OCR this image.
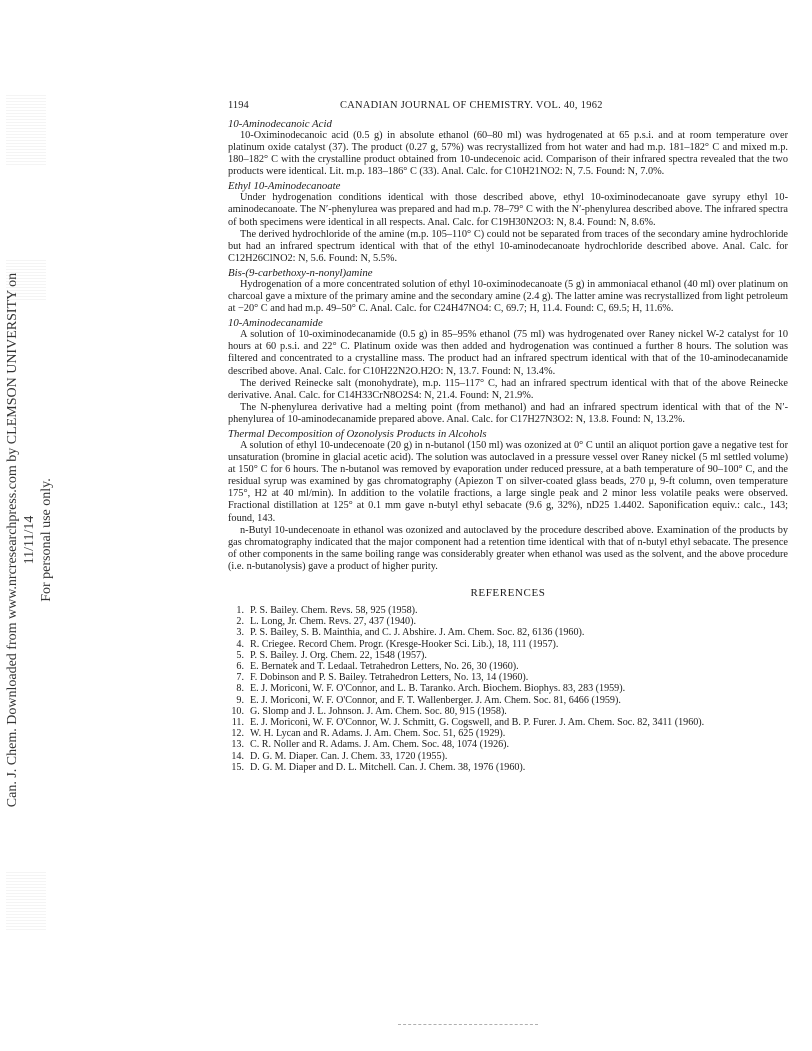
Can. J. Chem. Downloaded from www.nrcresearchpress.com by CLEMSON UNIVERSITY on 11/11/14 For personal use only.
1194	CANADIAN JOURNAL OF CHEMISTRY. VOL. 40, 1962
10-Aminodecanoic Acid

10-Oximinodecanoic acid (0.5 g) in absolute ethanol (60–80 ml) was hydrogenated at 65 p.s.i. and at room temperature over platinum oxide catalyst (37). The product (0.27 g, 57%) was recrystallized from hot water and had m.p. 181–182° C and mixed m.p. 180–182° C with the crystalline product obtained from 10-undecenoic acid. Comparison of their infrared spectra revealed that the two products were identical. Lit. m.p. 183–186° C (33). Anal. Calc. for C10H21NO2: N, 7.5. Found: N, 7.0%.

Ethyl 10-Aminodecanoate

Under hydrogenation conditions identical with those described above, ethyl 10-oximinodecanoate gave syrupy ethyl 10-aminodecanoate. The N′-phenylurea was prepared and had m.p. 78–79° C with the N′-phenylurea described above. The infrared spectra of both specimens were identical in all respects. Anal. Calc. for C19H30N2O3: N, 8.4. Found: N, 8.6%.

The derived hydrochloride of the amine (m.p. 105–110° C) could not be separated from traces of the secondary amine hydrochloride but had an infrared spectrum identical with that of the ethyl 10-aminodecanoate hydrochloride described above. Anal. Calc. for C12H26ClNO2: N, 5.6. Found: N, 5.5%.

Bis-(9-carbethoxy-n-nonyl)amine

Hydrogenation of a more concentrated solution of ethyl 10-oximinodecanoate (5 g) in ammoniacal ethanol (40 ml) over platinum on charcoal gave a mixture of the primary amine and the secondary amine (2.4 g). The latter amine was recrystallized from light petroleum at −20° C and had m.p. 49–50° C. Anal. Calc. for C24H47NO4: C, 69.7; H, 11.4. Found: C, 69.5; H, 11.6%.

10-Aminodecanamide

A solution of 10-oximinodecanamide (0.5 g) in 85–95% ethanol (75 ml) was hydrogenated over Raney nickel W-2 catalyst for 10 hours at 60 p.s.i. and 22° C. Platinum oxide was then added and hydrogenation was continued a further 8 hours. The solution was filtered and concentrated to a crystalline mass. The product had an infrared spectrum identical with that of the 10-aminodecanamide described above. Anal. Calc. for C10H22N2O.H2O: N, 13.7. Found: N, 13.4%.

The derived Reinecke salt (monohydrate), m.p. 115–117° C, had an infrared spectrum identical with that of the above Reinecke derivative. Anal. Calc. for C14H33CrN8O2S4: N, 21.4. Found: N, 21.9%.

The N-phenylurea derivative had a melting point (from methanol) and had an infrared spectrum identical with that of the N′-phenylurea of 10-aminodecanamide prepared above. Anal. Calc. for C17H27N3O2: N, 13.8. Found: N, 13.2%.

Thermal Decomposition of Ozonolysis Products in Alcohols

A solution of ethyl 10-undecenoate (20 g) in n-butanol (150 ml) was ozonized at 0° C until an aliquot portion gave a negative test for unsaturation (bromine in glacial acetic acid). The solution was autoclaved in a pressure vessel over Raney nickel (5 ml settled volume) at 150° C for 6 hours. The n-butanol was removed by evaporation under reduced pressure, at a bath temperature of 90–100° C, and the residual syrup was examined by gas chromatography (Apiezon T on silver-coated glass beads, 270 μ, 9-ft column, oven temperature 175°, H2 at 40 ml/min). In addition to the volatile fractions, a large single peak and 2 minor less volatile peaks were observed. Fractional distillation at 125° at 0.1 mm gave n-butyl ethyl sebacate (9.6 g, 32%), nD25 1.4402. Saponification equiv.: calc., 143; found, 143.

n-Butyl 10-undecenoate in ethanol was ozonized and autoclaved by the procedure described above. Examination of the products by gas chromatography indicated that the major component had a retention time identical with that of n-butyl ethyl sebacate. The presence of other components in the same boiling range was considerably greater when ethanol was used as the solvent, and the above procedure (i.e. n-butanolysis) gave a product of higher purity.

REFERENCES
1. P. S. Bailey. Chem. Revs. 58, 925 (1958).
2. L. Long, Jr. Chem. Revs. 27, 437 (1940).
3. P. S. Bailey, S. B. Mainthia, and C. J. Abshire. J. Am. Chem. Soc. 82, 6136 (1960).
4. R. Criegee. Record Chem. Progr. (Kresge-Hooker Sci. Lib.), 18, 111 (1957).
5. P. S. Bailey. J. Org. Chem. 22, 1548 (1957).
6. E. Bernatek and T. Ledaal. Tetrahedron Letters, No. 26, 30 (1960).
7. F. Dobinson and P. S. Bailey. Tetrahedron Letters, No. 13, 14 (1960).
8. E. J. Moriconi, W. F. O'Connor, and L. B. Taranko. Arch. Biochem. Biophys. 83, 283 (1959).
9. E. J. Moriconi, W. F. O'Connor, and F. T. Wallenberger. J. Am. Chem. Soc. 81, 6466 (1959).
10. G. Slomp and J. L. Johnson. J. Am. Chem. Soc. 80, 915 (1958).
11. E. J. Moriconi, W. F. O'Connor, W. J. Schmitt, G. Cogswell, and B. P. Furer. J. Am. Chem. Soc. 82, 3411 (1960).
12. W. H. Lycan and R. Adams. J. Am. Chem. Soc. 51, 625 (1929).
13. C. R. Noller and R. Adams. J. Am. Chem. Soc. 48, 1074 (1926).
14. D. G. M. Diaper. Can. J. Chem. 33, 1720 (1955).
15. D. G. M. Diaper and D. L. Mitchell. Can. J. Chem. 38, 1976 (1960).
